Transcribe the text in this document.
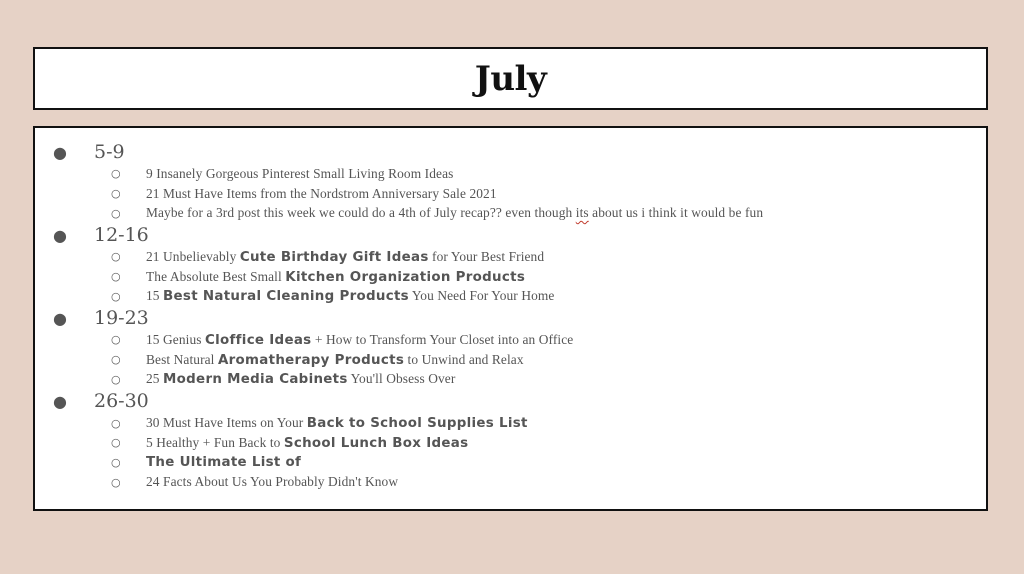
July
● 5-9
○ 9 Insanely Gorgeous Pinterest Small Living Room Ideas
○ 21 Must Have Items from the Nordstrom Anniversary Sale 2021
○ Maybe for a 3rd post this week we could do a 4th of July recap?? even though its about us i think it would be fun
● 12-16
○ 21 Unbelievably Cute Birthday Gift Ideas for Your Best Friend
○ The Absolute Best Small Kitchen Organization Products
○ 15 Best Natural Cleaning Products You Need For Your Home
● 19-23
○ 15 Genius Cloffice Ideas + How to Transform Your Closet into an Office
○ Best Natural Aromatherapy Products to Unwind and Relax
○ 25 Modern Media Cabinets You'll Obsess Over
● 26-30
○ 30 Must Have Items on Your Back to School Supplies List
○ 5 Healthy + Fun Back to School Lunch Box Ideas
○ The Ultimate List of
○ 24 Facts About Us You Probably Didn't Know
